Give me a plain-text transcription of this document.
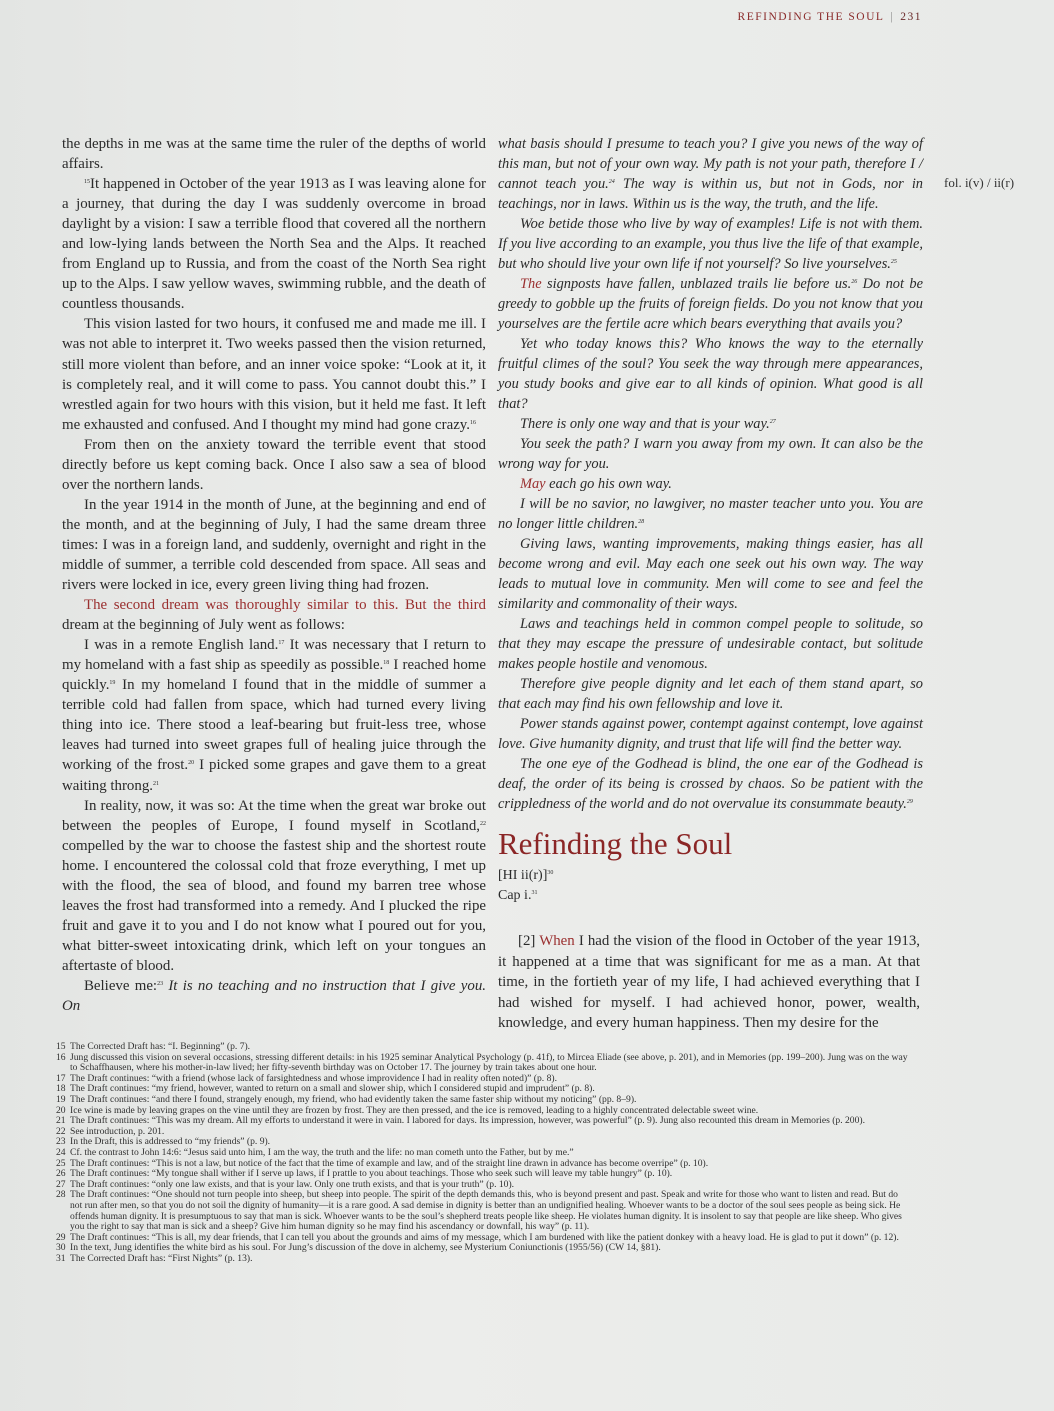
REFINDING THE SOUL | 231

the depths in me was at the same time the ruler of the depths of world affairs.

$^{15}$It happened in October of the year 1913 as I was leaving alone for a journey, that during the day I was suddenly overcome in broad daylight by a vision: I saw a terrible flood that covered all the northern and low-lying lands between the North Sea and the Alps. It reached from England up to Russia, and from the coast of the North Sea right up to the Alps. I saw yellow waves, swimming rubble, and the death of countless thousands.

This vision lasted for two hours, it confused me and made me ill. I was not able to interpret it. Two weeks passed then the vision returned, still more violent than before, and an inner voice spoke: “Look at it, it is completely real, and it will come to pass. You cannot doubt this.” I wrestled again for two hours with this vision, but it held me fast. It left me exhausted and confused. And I thought my mind had gone crazy.$^{16}$

From then on the anxiety toward the terrible event that stood directly before us kept coming back. Once I also saw a sea of blood over the northern lands.

In the year 1914 in the month of June, at the beginning and end of the month, and at the beginning of July, I had the same dream three times: I was in a foreign land, and suddenly, overnight and right in the middle of summer, a terrible cold descended from space. All seas and rivers were locked in ice, every green living thing had frozen.

The second dream was thoroughly similar to this. But the third dream at the beginning of July went as follows:

I was in a remote English land.$^{17}$ It was necessary that I return to my homeland with a fast ship as speedily as possible.$^{18}$ I reached home quickly.$^{19}$ In my homeland I found that in the middle of summer a terrible cold had fallen from space, which had turned every living thing into ice. There stood a leaf-bearing but fruit-less tree, whose leaves had turned into sweet grapes full of healing juice through the working of the frost.$^{20}$ I picked some grapes and gave them to a great waiting throng.$^{21}$

In reality, now, it was so: At the time when the great war broke out between the peoples of Europe, I found myself in Scotland,$^{22}$ compelled by the war to choose the fastest ship and the shortest route home. I encountered the colossal cold that froze everything, I met up with the flood, the sea of blood, and found my barren tree whose leaves the frost had transformed into a remedy. And I plucked the ripe fruit and gave it to you and I do not know what I poured out for you, what bitter-sweet intoxicating drink, which left on your tongues an aftertaste of blood.

Believe me:$^{23}$ It is no teaching and no instruction that I give you. On

what basis should I presume to teach you? I give you news of the way of this man, but not of your own way. My path is not your path, therefore I / cannot teach you.$^{24}$ The way is within us, but not in Gods, nor in teachings, nor in laws. Within us is the way, the truth, and the life.

Woe betide those who live by way of examples! Life is not with them. If you live according to an example, you thus live the life of that example, but who should live your own life if not yourself? So live yourselves.$^{25}$

The signposts have fallen, unblazed trails lie before us.$^{26}$ Do not be greedy to gobble up the fruits of foreign fields. Do you not know that you yourselves are the fertile acre which bears everything that avails you?

Yet who today knows this? Who knows the way to the eternally fruitful climes of the soul? You seek the way through mere appearances, you study books and give ear to all kinds of opinion. What good is all that?

There is only one way and that is your way.$^{27}$

You seek the path? I warn you away from my own. It can also be the wrong way for you.

May each go his own way.

I will be no savior, no lawgiver, no master teacher unto you. You are no longer little children.$^{28}$

Giving laws, wanting improvements, making things easier, has all become wrong and evil. May each one seek out his own way. The way leads to mutual love in community. Men will come to see and feel the similarity and commonality of their ways.

Laws and teachings held in common compel people to solitude, so that they may escape the pressure of undesirable contact, but solitude makes people hostile and venomous.

Therefore give people dignity and let each of them stand apart, so that each may find his own fellowship and love it.

Power stands against power, contempt against contempt, love against love. Give humanity dignity, and trust that life will find the better way.

The one eye of the Godhead is blind, the one ear of the Godhead is deaf, the order of its being is crossed by chaos. So be patient with the crippledness of the world and do not overvalue its consummate beauty.$^{29}$

fol. i(v) / ii(r)
Refinding the Soul
[HI ii(r)]$^{30}$
Cap i.$^{31}$

[2] When I had the vision of the flood in October of the year 1913, it happened at a time that was significant for me as a man. At that time, in the fortieth year of my life, I had achieved everything that I had wished for myself. I had achieved honor, power, wealth, knowledge, and every human happiness. Then my desire for the

15 The Corrected Draft has: “I. Beginning” (p. 7).

16 Jung discussed this vision on several occasions, stressing different details: in his 1925 seminar Analytical Psychology (p. 41f), to Mircea Eliade (see above, p. 201), and in Memories (pp. 199–200). Jung was on the way to Schaffhausen, where his mother-in-law lived; her fifty-seventh birthday was on October 17. The journey by train takes about one hour.

17 The Draft continues: “with a friend (whose lack of farsightedness and whose improvidence I had in reality often noted)” (p. 8).

18 The Draft continues: “my friend, however, wanted to return on a small and slower ship, which I considered stupid and imprudent” (p. 8).

19 The Draft continues: “and there I found, strangely enough, my friend, who had evidently taken the same faster ship without my noticing” (pp. 8–9).

20 Ice wine is made by leaving grapes on the vine until they are frozen by frost. They are then pressed, and the ice is removed, leading to a highly concentrated delectable sweet wine.

21 The Draft continues: “This was my dream. All my efforts to understand it were in vain. I labored for days. Its impression, however, was powerful” (p. 9). Jung also recounted this dream in Memories (p. 200).

22 See introduction, p. 201.

23 In the Draft, this is addressed to “my friends” (p. 9).

24 Cf. the contrast to John 14:6: “Jesus said unto him, I am the way, the truth and the life: no man cometh unto the Father, but by me.”

25 The Draft continues: “This is not a law, but notice of the fact that the time of example and law, and of the straight line drawn in advance has become overripe” (p. 10).

26 The Draft continues: “My tongue shall wither if I serve up laws, if I prattle to you about teachings. Those who seek such will leave my table hungry” (p. 10).

27 The Draft continues: “only one law exists, and that is your law. Only one truth exists, and that is your truth” (p. 10).

28 The Draft continues: “One should not turn people into sheep, but sheep into people. The spirit of the depth demands this, who is beyond present and past. Speak and write for those who want to listen and read. But do not run after men, so that you do not soil the dignity of humanity—it is a rare good. A sad demise in dignity is better than an undignified healing. Whoever wants to be a doctor of the soul sees people as being sick. He offends human dignity. It is presumptuous to say that man is sick. Whoever wants to be the soul’s shepherd treats people like sheep. He violates human dignity. It is insolent to say that people are like sheep. Who gives you the right to say that man is sick and a sheep? Give him human dignity so he may find his ascendancy or downfall, his way” (p. 11).

29 The Draft continues: “This is all, my dear friends, that I can tell you about the grounds and aims of my message, which I am burdened with like the patient donkey with a heavy load. He is glad to put it down” (p. 12).

30 In the text, Jung identifies the white bird as his soul. For Jung’s discussion of the dove in alchemy, see Mysterium Coniunctionis (1955/56) (CW 14, §81).

31 The Corrected Draft has: “First Nights” (p. 13).
